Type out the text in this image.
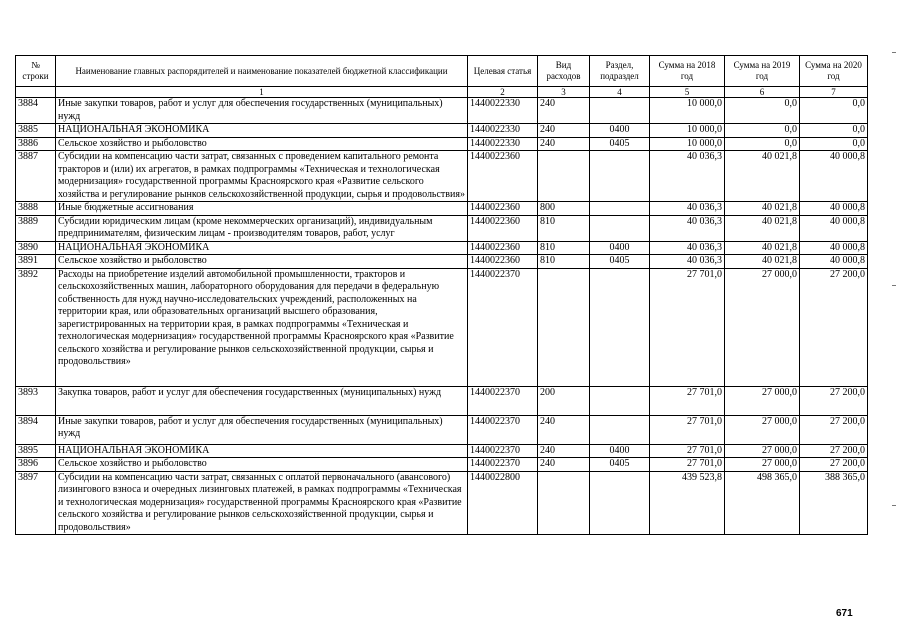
№ строки	Наименование главных распорядителей и наименование показателей бюджетной классификации	Целевая статья	Вид расходов	Раздел, подраздел	Сумма на 2018 год	Сумма на 2019 год	Сумма на 2020 год
	1	2	3	4	5	6	7
3884	Иные закупки товаров, работ и услуг для обеспечения государственных (муниципальных) нужд	1440022330	240		10 000,0	0,0	0,0
3885	НАЦИОНАЛЬНАЯ ЭКОНОМИКА	1440022330	240	0400	10 000,0	0,0	0,0
3886	Сельское хозяйство и рыболовство	1440022330	240	0405	10 000,0	0,0	0,0
3887	Субсидии на компенсацию части затрат, связанных с проведением капитального ремонта тракторов и (или) их агрегатов, в рамках подпрограммы «Техническая и технологическая модернизация» государственной программы Красноярского края «Развитие сельского хозяйства и регулирование рынков сельскохозяйственной продукции, сырья и продовольствия»	1440022360			40 036,3	40 021,8	40 000,8
3888	Иные бюджетные ассигнования	1440022360	800		40 036,3	40 021,8	40 000,8
3889	Субсидии юридическим лицам (кроме некоммерческих организаций), индивидуальным предпринимателям, физическим лицам - производителям товаров, работ, услуг	1440022360	810		40 036,3	40 021,8	40 000,8
3890	НАЦИОНАЛЬНАЯ ЭКОНОМИКА	1440022360	810	0400	40 036,3	40 021,8	40 000,8
3891	Сельское хозяйство и рыболовство	1440022360	810	0405	40 036,3	40 021,8	40 000,8
3892	Расходы на приобретение изделий автомобильной промышленности, тракторов и сельскохозяйственных машин, лабораторного оборудования для передачи в федеральную собственность для нужд научно-исследовательских учреждений, расположенных на территории края, или образовательных организаций высшего образования, зарегистрированных на территории края, в рамках подпрограммы «Техническая и технологическая модернизация» государственной программы Красноярского края «Развитие сельского хозяйства и регулирование рынков сельскохозяйственной продукции, сырья и продовольствия»	1440022370			27 701,0	27 000,0	27 200,0
3893	Закупка товаров, работ и услуг для обеспечения государственных (муниципальных) нужд	1440022370	200		27 701,0	27 000,0	27 200,0
3894	Иные закупки товаров, работ и услуг для обеспечения государственных (муниципальных) нужд	1440022370	240		27 701,0	27 000,0	27 200,0
3895	НАЦИОНАЛЬНАЯ ЭКОНОМИКА	1440022370	240	0400	27 701,0	27 000,0	27 200,0
3896	Сельское хозяйство и рыболовство	1440022370	240	0405	27 701,0	27 000,0	27 200,0
3897	Субсидии на компенсацию части затрат, связанных с оплатой первоначального (авансового) лизингового взноса и очередных лизинговых платежей, в рамках подпрограммы «Техническая и технологическая модернизация» государственной программы Красноярского края «Развитие сельского хозяйства и регулирование рынков сельскохозяйственной продукции, сырья и продовольствия»	1440022800			439 523,8	498 365,0	388 365,0
671
